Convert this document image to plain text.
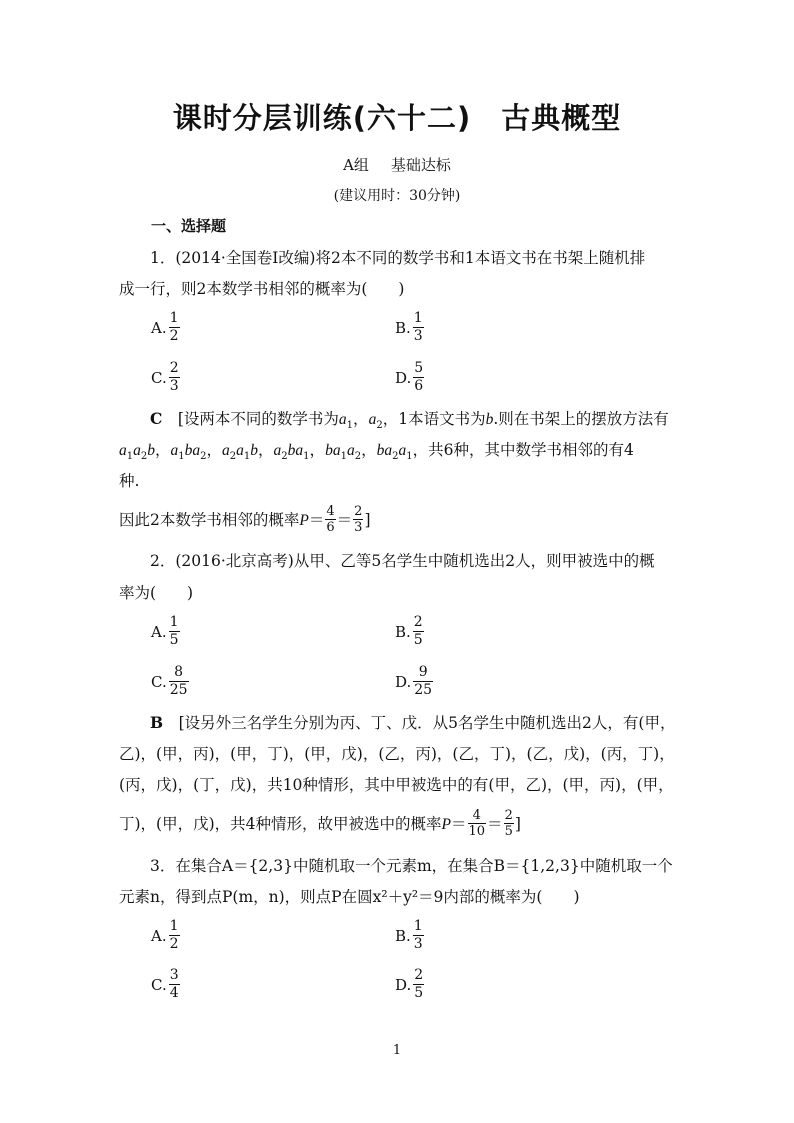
课时分层训练(六十二) 古典概型
A组 基础达标
(建议用时：30分钟)
一、选择题
1．(2014·全国卷Ⅰ改编)将2本不同的数学书和1本语文书在书架上随机排
成一行，则2本数学书相邻的概率为(　　)
A. $\frac{1}{2}$	B. $\frac{1}{3}$
C. $\frac{2}{3}$	D. $\frac{5}{6}$
C　 [设两本不同的数学书为$a_1$，$a_2$，1本语文书为b.则在书架上的摆放方法有
$a_1a_2b$，$a_1ba_2$，$a_2a_1b$，$a_2ba_1$，$ba_1a_2$，$ba_2a_1$，共6种，其中数学书相邻的有4
种.
因此2本数学书相邻的概率$P= \frac{4}{6} = \frac{2}{3}$ ]
2．(2016·北京高考)从甲、乙等5名学生中随机选出2人，则甲被选中的概
率为(　　)
A. $\frac{1}{5}$	B. $\frac{2}{5}$
C. $\frac{8}{25}$	D. $\frac{9}{25}$
B　 [设另外三名学生分别为丙、丁、戊．从5名学生中随机选出2人，有(甲，
乙)，(甲，丙)，(甲，丁)，(甲，戊)，(乙，丙)，(乙，丁)，(乙，戊)，(丙，丁)，
(丙，戊)，(丁，戊)，共10种情形，其中甲被选中的有(甲，乙)，(甲，丙)，(甲，
丁)，(甲，戊)，共4种情形，故甲被选中的概率$P= \frac{4}{10} = \frac{2}{5}$ ]
3．在集合A＝{2,3}中随机取一个元素m，在集合B＝{1,2,3}中随机取一个
元素n，得到点P(m，n)，则点P在圆x²＋y²＝9内部的概率为(　　)
A. $\frac{1}{2}$	B. $\frac{1}{3}$
C. $\frac{3}{4}$	D. $\frac{2}{5}$
1
